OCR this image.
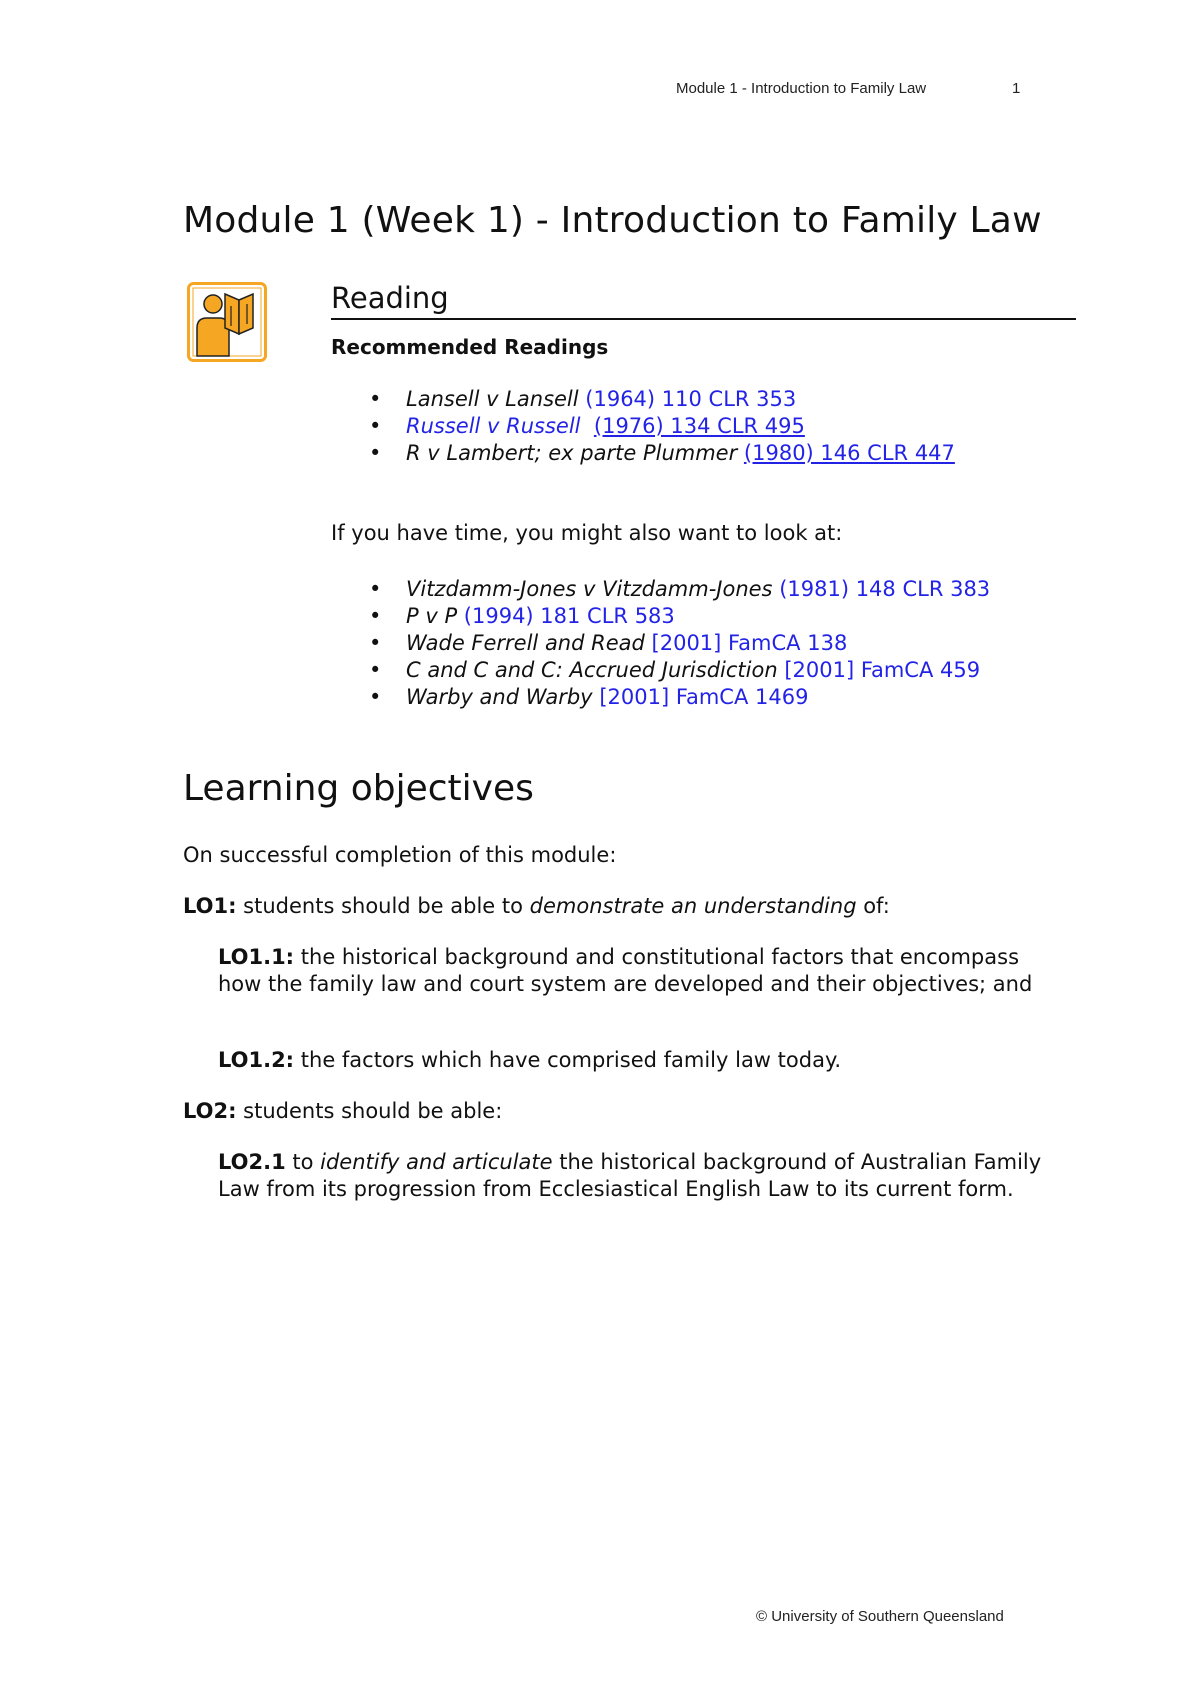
Module 1 - Introduction to Family Law	1
Module 1 (Week 1) - Introduction to Family Law
Reading
Recommended Readings
• Lansell v Lansell (1964) 110 CLR 353
• Russell v Russell (1976) 134 CLR 495
• R v Lambert; ex parte Plummer (1980) 146 CLR 447
If you have time, you might also want to look at:
• Vitzdamm-Jones v Vitzdamm-Jones (1981) 148 CLR 383
• P v P (1994) 181 CLR 583
• Wade Ferrell and Read [2001] FamCA 138
• C and C and C: Accrued Jurisdiction [2001] FamCA 459
• Warby and Warby [2001] FamCA 1469
Learning objectives
On successful completion of this module:
LO1: students should be able to demonstrate an understanding of:
LO1.1: the historical background and constitutional factors that encompass how the family law and court system are developed and their objectives; and
LO1.2: the factors which have comprised family law today.
LO2: students should be able:
LO2.1 to identify and articulate the historical background of Australian Family Law from its progression from Ecclesiastical English Law to its current form.
© University of Southern Queensland
